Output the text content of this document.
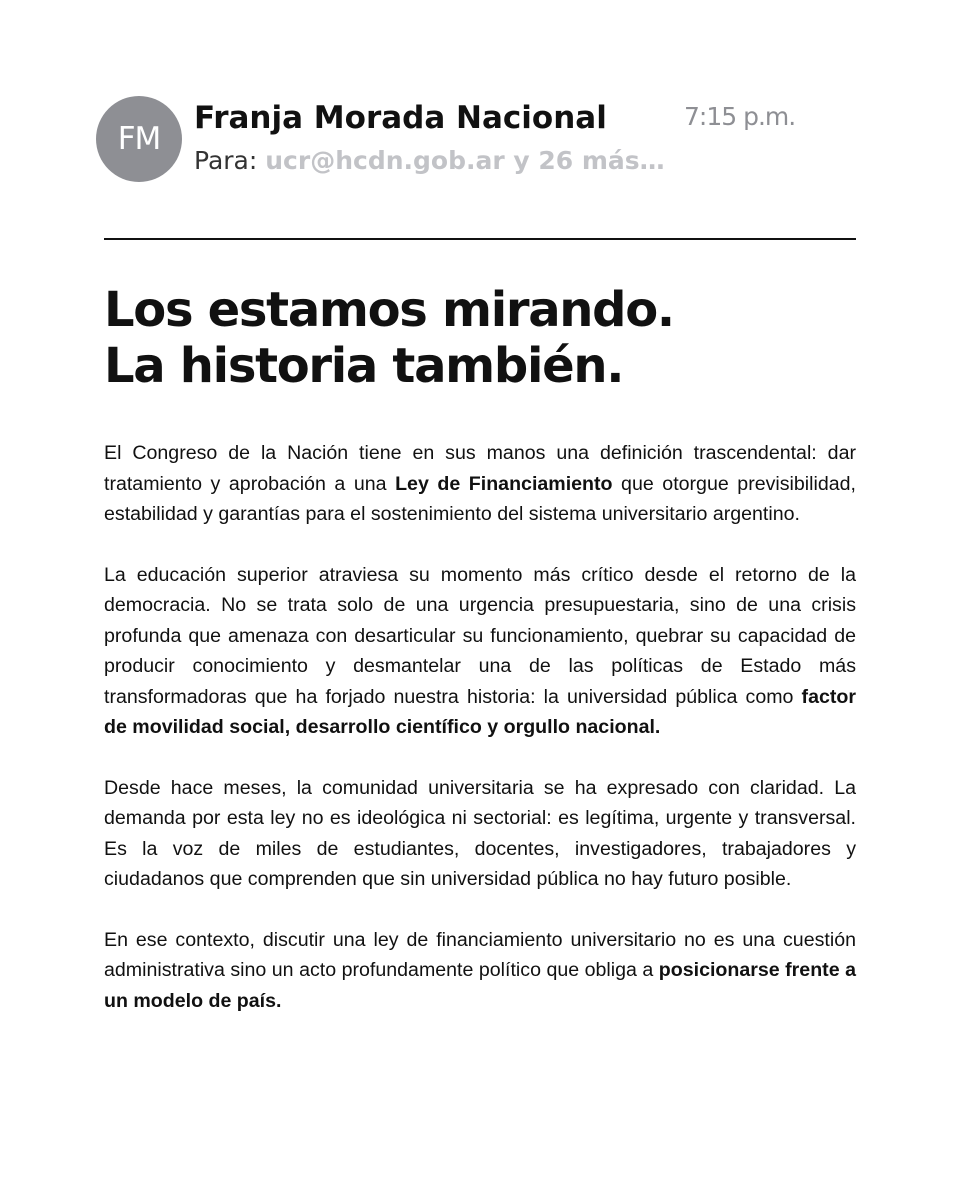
FM
Franja Morada Nacional	7:15 p.m.
Para: ucr@hcdn.gob.ar y 26 más…
Los estamos mirando.
La historia también.

El Congreso de la Nación tiene en sus manos una definición trascendental: dar tratamiento y aprobación a una Ley de Financiamiento que otorgue previsibilidad, estabilidad y garantías para el sostenimiento del sistema universitario argentino.

La educación superior atraviesa su momento más crítico desde el retorno de la democracia. No se trata solo de una urgencia presupuestaria, sino de una crisis profunda que amenaza con desarticular su funcionamiento, quebrar su capacidad de producir conocimiento y desmantelar una de las políticas de Estado más transformadoras que ha forjado nuestra historia: la universidad pública como factor de movilidad social, desarrollo científico y orgullo nacional.

Desde hace meses, la comunidad universitaria se ha expresado con claridad. La demanda por esta ley no es ideológica ni sectorial: es legítima, urgente y transversal. Es la voz de miles de estudiantes, docentes, investigadores, trabajadores y ciudadanos que comprenden que sin universidad pública no hay futuro posible.

En ese contexto, discutir una ley de financiamiento universitario no es una cuestión administrativa sino un acto profundamente político que obliga a posicionarse frente a un modelo de país.
